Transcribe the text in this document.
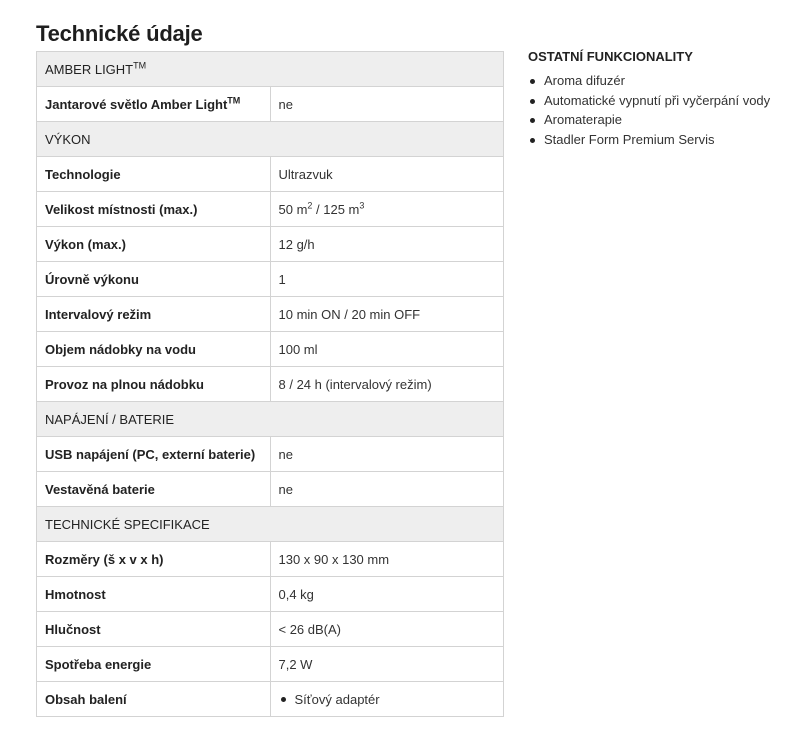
Technické údaje
AMBER LIGHT™
Jantarové světlo Amber Light™	ne
VÝKON	
Technologie	Ultrazvuk
Velikost místnosti (max.)	50 $m^2 / 125$ $m^3$
Výkon (max.)	12 g/h
Úrovně výkonu	1
Intervalový režim	10 min ON / 20 min OFF
Objem nádobky na vodu	100 ml
Provoz na plnou nádobku	8 / 24 h (intervalový režim)
NAPÁJENÍ / BATERIE	
USB napájení (PC, externí baterie)	ne
Vestavěná baterie	ne
TECHNICKÉ SPECIFIKACE	
Rozměry (š x v x h)	130 x 90 x 130 mm
Hmotnost	0,4 kg
Hlučnost	< 26 dB(A)
Spotřeba energie	7,2 W
Obsah balení	Síťový adaptér
OSTATNÍ FUNKCIONALITY
Aroma difuzér
Automatické vypnutí při vyčerpání vody
Aromaterapie
Stadler Form Premium Servis
